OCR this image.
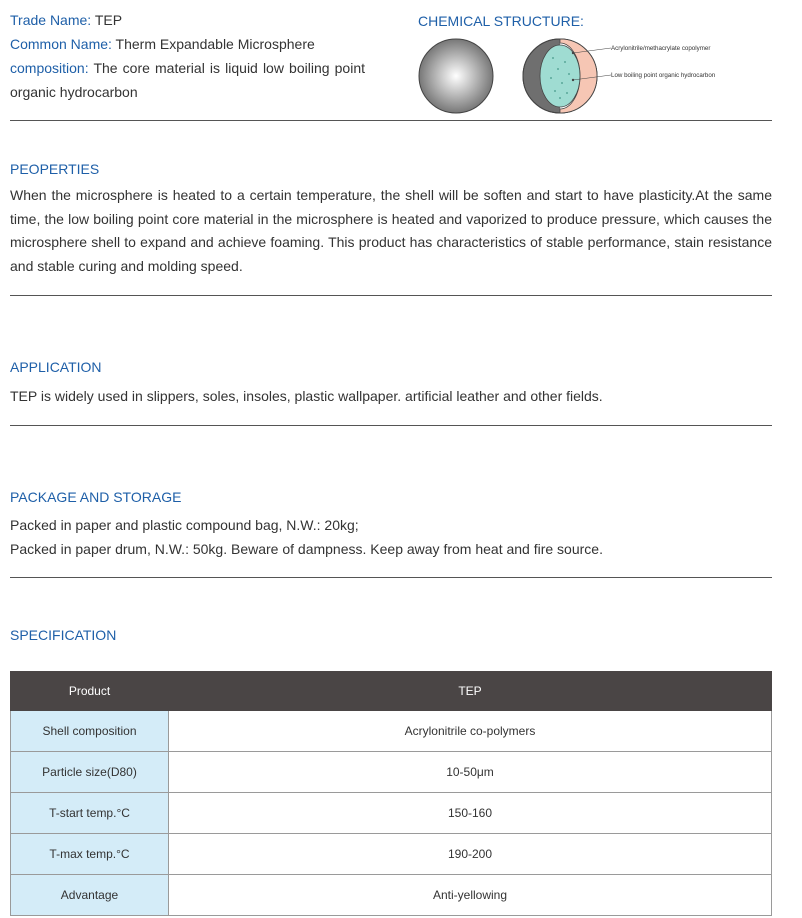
Trade Name: TEP
Common Name: Therm Expandable Microsphere
composition: The core material is liquid low boiling point organic hydrocarbon
CHEMICAL STRUCTURE:
Acrylonitrile/methacrylate copolymer
Low boiling point organic hydrocarbon
PEOPERTIES
When the microsphere is heated to a certain temperature, the shell will be soften and start to have plasticity.At the same time, the low boiling point core material in the microsphere is heated and vaporized to produce pressure, which causes the microsphere shell to expand and achieve foaming. This product has characteristics of stable performance, stain resistance and stable curing and molding speed.
APPLICATION
TEP is widely used in slippers, soles, insoles, plastic wallpaper. artificial leather and other fields.
PACKAGE AND STORAGE
Packed in paper and plastic compound bag, N.W.: 20kg;
Packed in paper drum, N.W.: 50kg. Beware of dampness. Keep away from heat and fire source.
SPECIFICATION
Product	TEP
Shell composition	Acrylonitrile co-polymers
Particle size(D80)	10-50μm
T-start temp.°C	150-160
T-max temp.°C	190-200
Advantage	Anti-yellowing
